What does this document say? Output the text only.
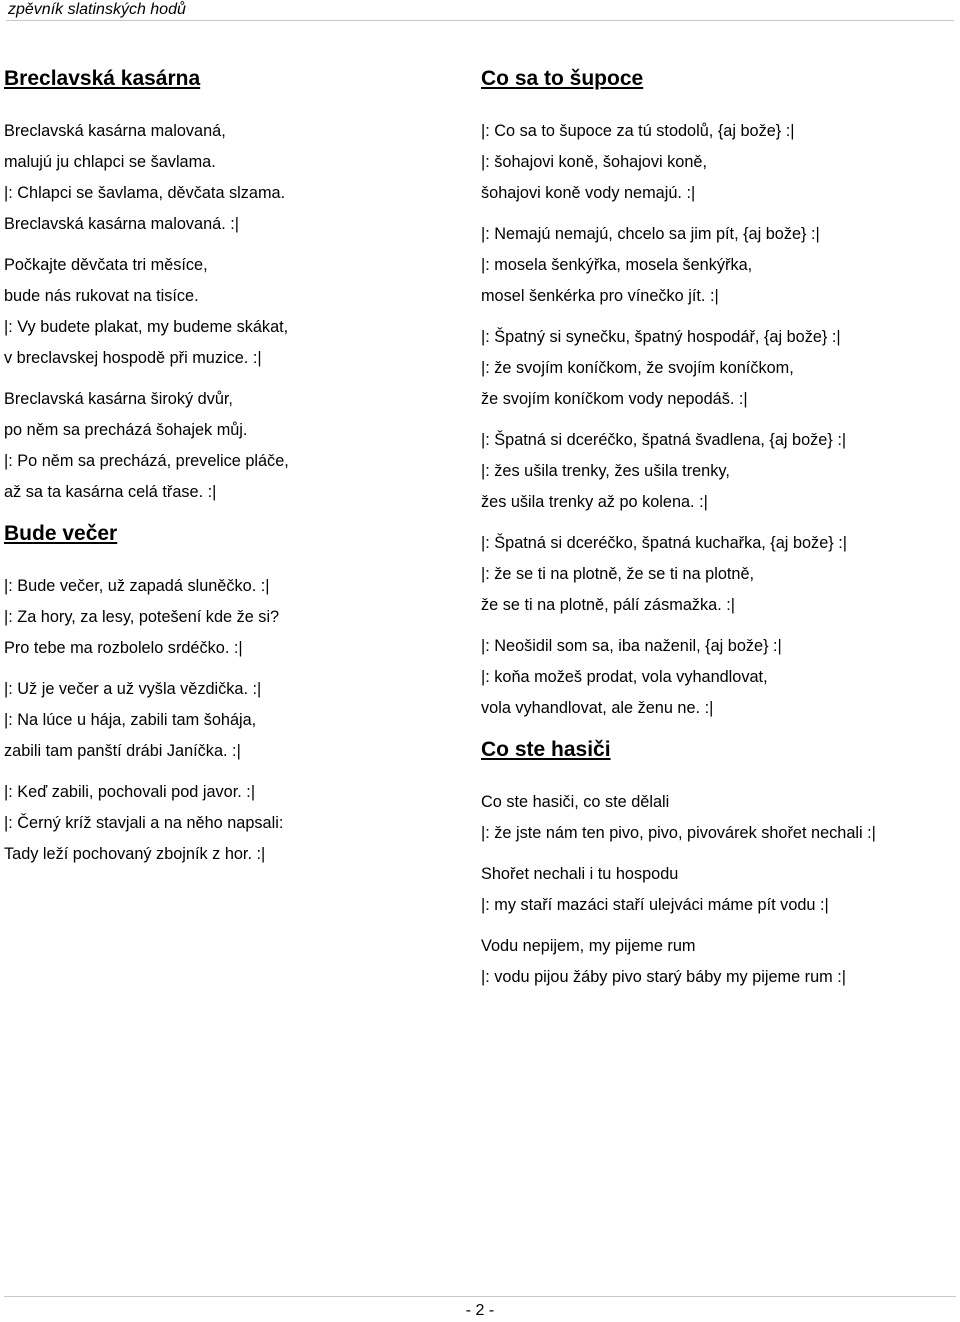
zpěvník slatinských hodů
Breclavská kasárna
Breclavská kasárna malovaná,
malujú ju chlapci se šavlama.
|: Chlapci se šavlama, děvčata slzama.
Breclavská kasárna malovaná. :|
Počkajte děvčata tri měsíce,
bude nás rukovat na tisíce.
|: Vy budete plakat, my budeme skákat,
v breclavskej hospodě při muzice. :|
Breclavská kasárna široký dvůr,
po něm sa precházá šohajek můj.
|: Po něm sa precházá, prevelice pláče,
až sa ta kasárna celá třase. :|
Bude večer
|: Bude večer, už zapadá sluněčko. :|
|: Za hory, za lesy, potešení kde že si?
Pro tebe ma rozbolelo srdéčko. :|
|: Už je večer a už vyšla vězdička. :|
|: Na lúce u hája, zabili tam šohája,
zabili tam panští drábi Janíčka. :|
|: Keď zabili, pochovali pod javor. :|
|: Černý kríž stavjali a na něho napsali:
Tady leží pochovaný zbojník z hor. :|
Co sa to šupoce
|: Co sa to šupoce za tú stodolů, {aj bože} :|
|: šohajovi koně, šohajovi koně,
šohajovi koně vody nemajú. :|
|: Nemajú nemajú, chcelo sa jim pít, {aj bože} :|
|: mosela šenkýřka, mosela šenkýřka,
mosel šenkérka pro vínečko jít. :|
|: Špatný si synečku, špatný hospodář, {aj bože} :|
|: že svojím koníčkom, že svojím koníčkom,
že svojím koníčkom vody nepodáš. :|
|: Špatná si dceréčko, špatná švadlena, {aj bože} :|
|: žes ušila trenky, žes ušila trenky,
žes ušila trenky až po kolena. :|
|: Špatná si dceréčko, špatná kuchařka, {aj bože} :|
|: že se ti na plotně, že se ti na plotně,
že se ti na plotně, pálí zásmažka. :|
|: Neošidil som sa, iba naženil, {aj bože} :|
|: koňa možeš prodat, vola vyhandlovat,
vola vyhandlovat, ale ženu ne. :|
Co ste hasiči
Co ste hasiči, co ste dělali
|: že jste nám ten pivo, pivo, pivovárek shořet nechali :|
Shořet nechali i tu hospodu
|: my staří mazáci staří ulejváci máme pít vodu :|
Vodu nepijem, my pijeme rum
|: vodu pijou žáby pivo starý báby my pijeme rum :|
- 2 -
